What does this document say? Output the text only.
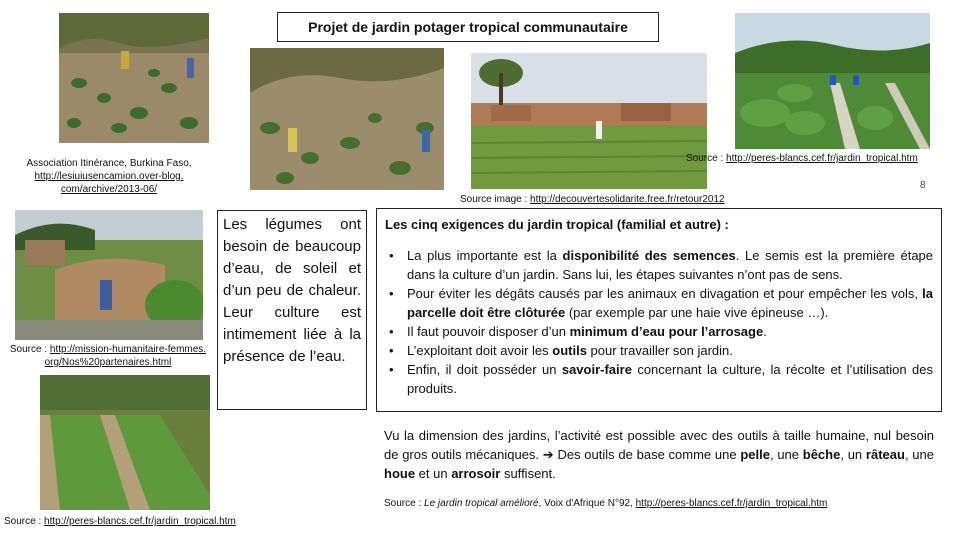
Projet de jardin potager tropical communautaire
Association Itinérance, Burkina Faso,
http://lesiuiusencamion.over-blog.com/archive/2013-06/
Source image : http://decouvertesolidarite.free.fr/retour2012
Source : http://peres-blancs.cef.fr/jardin_tropical.htm
Source : http://mission-humanitaire-femmes.org/Nos%20partenaires.html
Source : http://peres-blancs.cef.fr/jardin_tropical.htm
8
Les légumes ont besoin de beaucoup d’eau, de soleil et d’un peu de chaleur. Leur culture est intimement liée à la présence de l’eau.
Les cinq exigences du jardin tropical (familial et autre) :
• La plus importante est la disponibilité des semences. Le semis est la première étape dans la culture d’un jardin. Sans lui, les étapes suivantes n’ont pas de sens.
• Pour éviter les dégâts causés par les animaux en divagation et pour empêcher les vols, la parcelle doit être clôturée (par exemple par une haie vive épineuse …).
• Il faut pouvoir disposer d’un minimum d’eau pour l’arrosage.
• L’exploitant doit avoir les outils pour travailler son jardin.
• Enfin, il doit posséder un savoir-faire concernant la culture, la récolte et l’utilisation des produits.
Vu la dimension des jardins, l’activité est possible avec des outils à taille humaine, nul besoin de gros outils mécaniques. ➔ Des outils de base comme une pelle, une bêche, un râteau, une houe et un arrosoir suffisent.
Source : Le jardin tropical amélioré, Voix d'Afrique N°92, http://peres-blancs.cef.fr/jardin_tropical.htm
